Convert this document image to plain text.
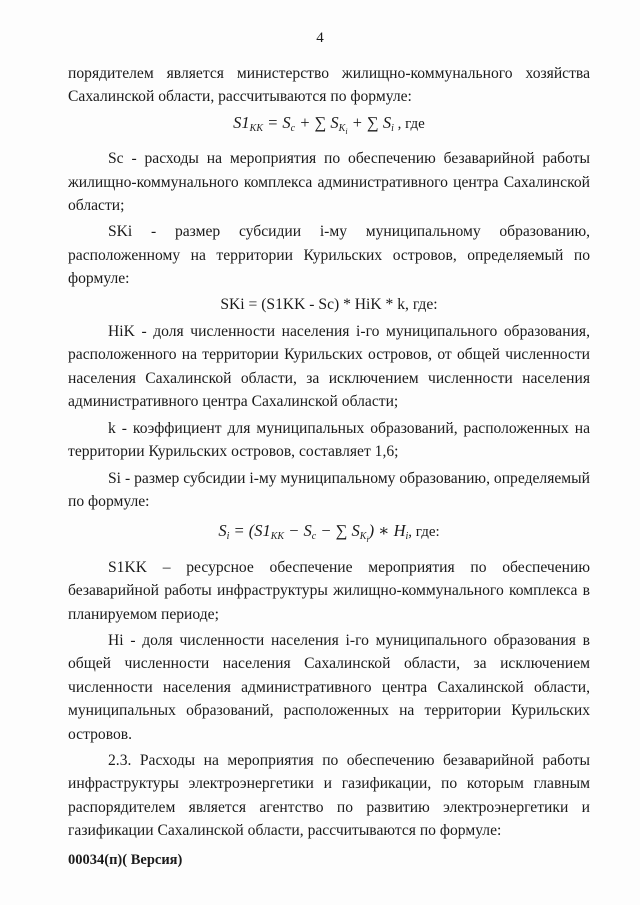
4

порядителем является министерство жилищно-коммунального хозяйства Сахалинской области, рассчитываются по формуле:

$S1_{KK} = S_c$ + ∑ $S_{K_i}$ + ∑ $S_i$ , где

Sc - расходы на мероприятия по обеспечению безаварийной работы жилищно-коммунального комплекса административного центра Сахалинской области;

SKi - размер субсидии i-му муниципальному образованию, расположенному на территории Курильских островов, определяемый по формуле:

SKi = (S1KK - Sc) * HiK * k, где:

HiK - доля численности населения i-го муниципального образования, расположенного на территории Курильских островов, от общей численности населения Сахалинской области, за исключением численности населения административного центра Сахалинской области;

k - коэффициент для муниципальных образований, расположенных на территории Курильских островов, составляет 1,6;

Si - размер субсидии i-му муниципальному образованию, определяемый по формуле:

$S_i = (S1_{KK} - S_c$ − ∑ $S_{K_i}$) ∗ $H_i$, где:

S1KK – ресурсное обеспечение мероприятия по обеспечению безаварийной работы инфраструктуры жилищно-коммунального комплекса в планируемом периоде;

Hi - доля численности населения i-го муниципального образования в общей численности населения Сахалинской области, за исключением численности населения административного центра Сахалинской области, муниципальных образований, расположенных на территории Курильских островов.

2.3. Расходы на мероприятия по обеспечению безаварийной работы инфраструктуры электроэнергетики и газификации, по которым главным распорядителем является агентство по развитию электроэнергетики и газификации Сахалинской области, рассчитываются по формуле:

00034(п)( Версия)
